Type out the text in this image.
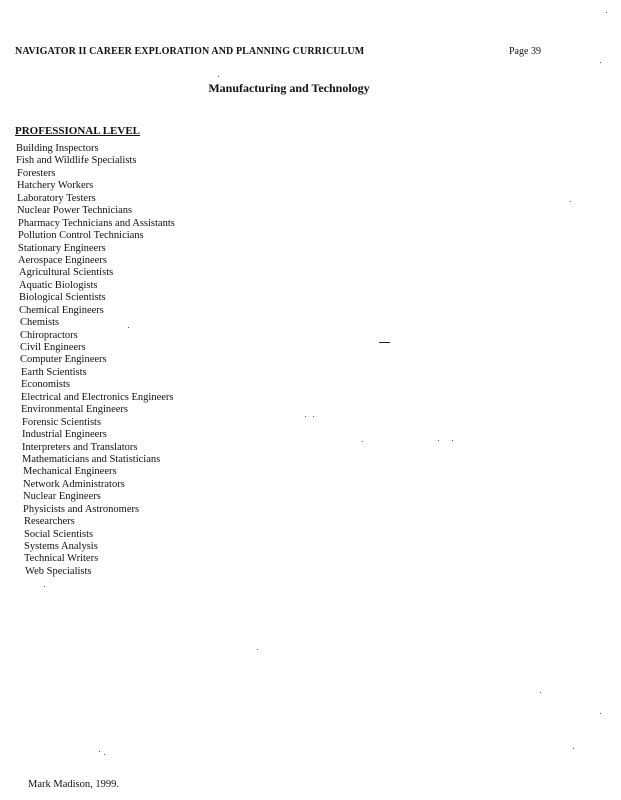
NAVIGATOR II CAREER EXPLORATION AND PLANNING CURRICULUM	Page 39
Manufacturing and Technology
PROFESSIONAL LEVEL
Building Inspectors
Fish and Wildlife Specialists
Foresters
Hatchery Workers
Laboratory Testers
Nuclear Power Technicians
Pharmacy Technicians and Assistants
Pollution Control Technicians
Stationary Engineers
Aerospace Engineers
Agricultural Scientists
Aquatic Biologists
Biological Scientists
Chemical Engineers
Chemists
Chiropractors
Civil Engineers
Computer Engineers
Earth Scientists
Economists
Electrical and Electronics Engineers
Environmental Engineers
Forensic Scientists
Industrial Engineers
Interpreters and Translators
Mathematicians and Statisticians
Mechanical Engineers
Network Administrators
Nuclear Engineers
Physicists and Astronomers
Researchers
Social Scientists
Systems Analysis
Technical Writers
Web Specialists
Mark Madison, 1999.
